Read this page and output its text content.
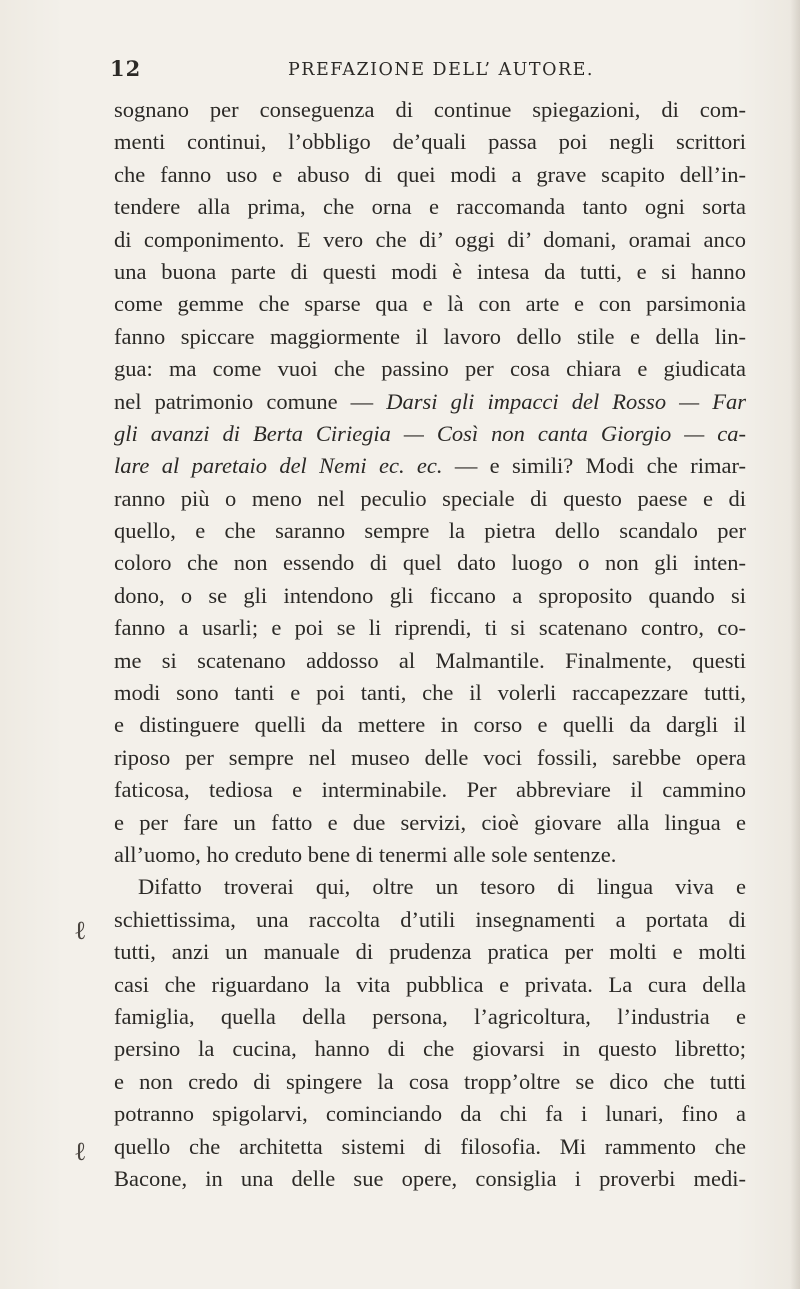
12	PREFAZIONE DELL’ AUTORE.
ℓ
ℓ
sognano per conseguenza di continue spiegazioni, di com-
menti continui, l’obbligo de’quali passa poi negli scrittori
che fanno uso e abuso di quei modi a grave scapito dell’in-
tendere alla prima, che orna e raccomanda tanto ogni sorta
di componimento. E vero che di’ oggi di’ domani, oramai anco
una buona parte di questi modi è intesa da tutti, e si hanno
come gemme che sparse qua e là con arte e con parsimonia
fanno spiccare maggiormente il lavoro dello stile e della lin-
gua: ma come vuoi che passino per cosa chiara e giudicata
nel patrimonio comune — Darsi gli impacci del Rosso — Far
gli avanzi di Berta Ciriegia — Così non canta Giorgio — ca-
lare al paretaio del Nemi ec. ec. — e simili? Modi che rimar-
ranno più o meno nel peculio speciale di questo paese e di
quello, e che saranno sempre la pietra dello scandalo per
coloro che non essendo di quel dato luogo o non gli inten-
dono, o se gli intendono gli ficcano a sproposito quando si
fanno a usarli; e poi se li riprendi, ti si scatenano contro, co-
me si scatenano addosso al Malmantile. Finalmente, questi
modi sono tanti e poi tanti, che il volerli raccapezzare tutti,
e distinguere quelli da mettere in corso e quelli da dargli il
riposo per sempre nel museo delle voci fossili, sarebbe opera
faticosa, tediosa e interminabile. Per abbreviare il cammino
e per fare un fatto e due servizi, cioè giovare alla lingua e
all’uomo, ho creduto bene di tenermi alle sole sentenze.
Difatto troverai qui, oltre un tesoro di lingua viva e
schiettissima, una raccolta d’utili insegnamenti a portata di
tutti, anzi un manuale di prudenza pratica per molti e molti
casi che riguardano la vita pubblica e privata. La cura della
famiglia, quella della persona, l’agricoltura, l’industria e
persino la cucina, hanno di che giovarsi in questo libretto;
e non credo di spingere la cosa tropp’oltre se dico che tutti
potranno spigolarvi, cominciando da chi fa i lunari, fino a
quello che architetta sistemi di filosofia. Mi rammento che
Bacone, in una delle sue opere, consiglia i proverbi medi-
